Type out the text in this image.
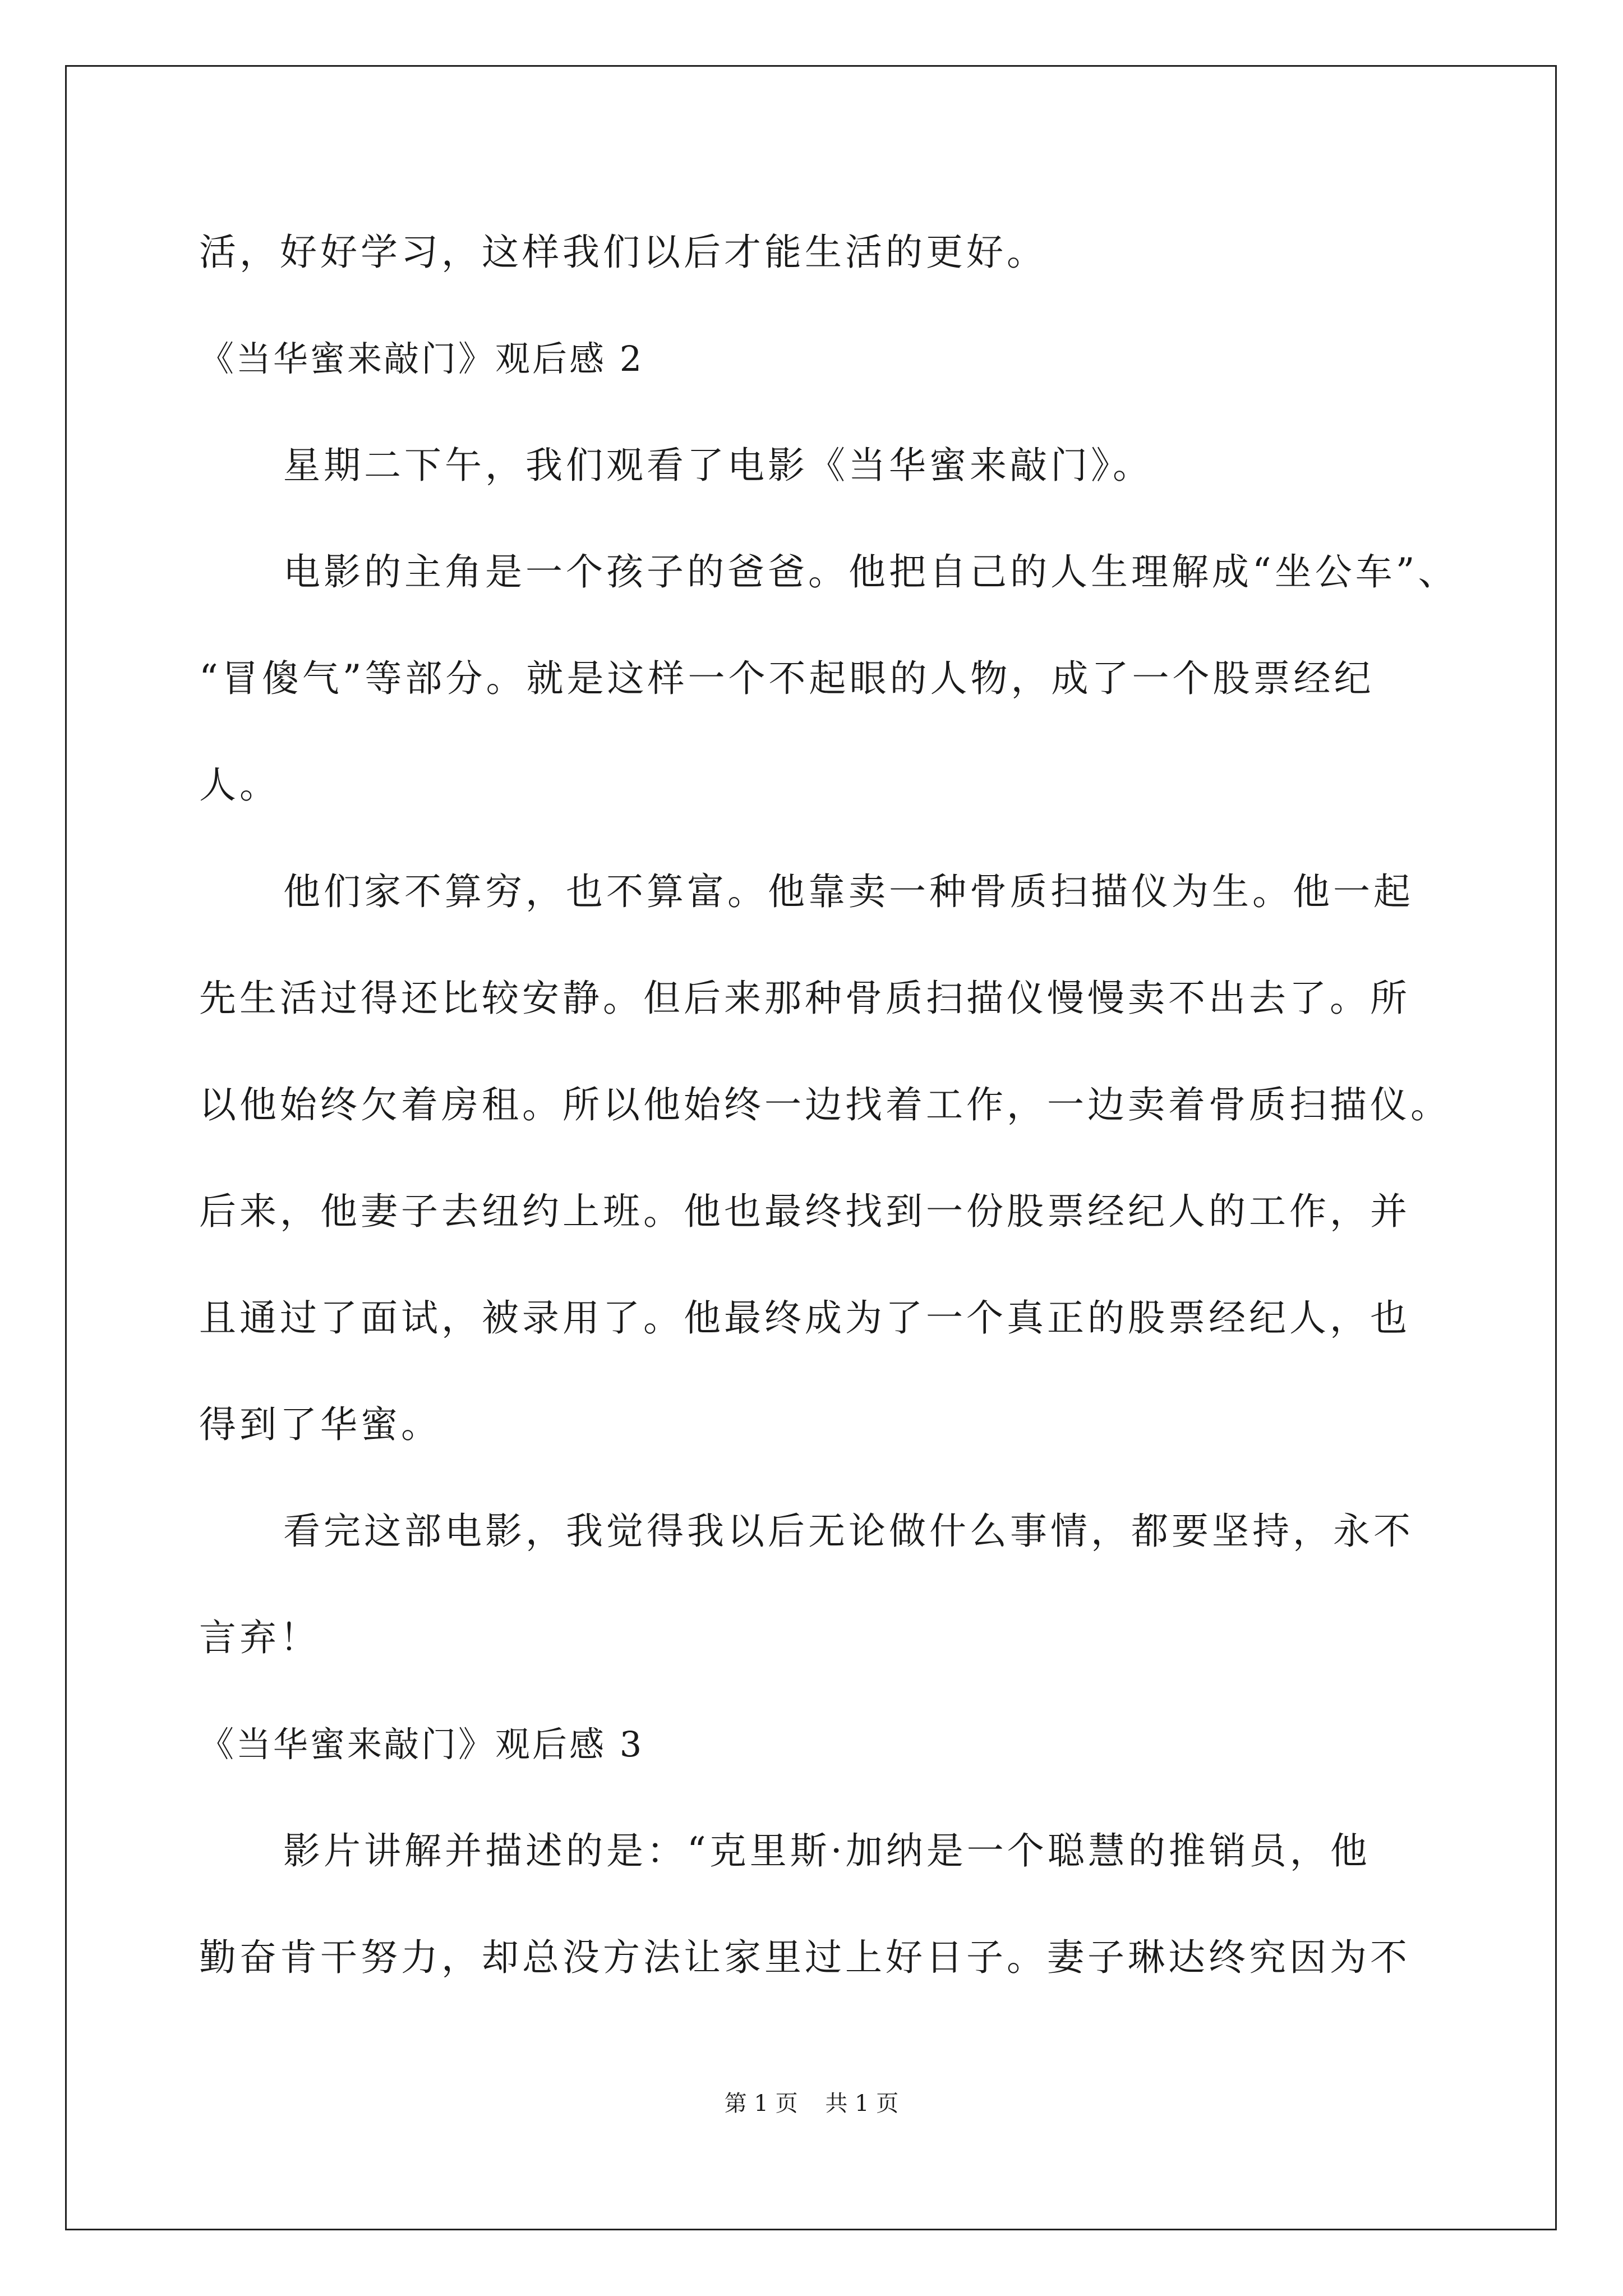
活，好好学习，这样我们以后才能生活的更好。

《当华蜜来敲门》观后感 2

星期二下午，我们观看了电影《当华蜜来敲门》。

电影的主角是一个孩子的爸爸。他把自己的人生理解成“坐公车”、

“冒傻气”等部分。就是这样一个不起眼的人物，成了一个股票经纪

人。

他们家不算穷，也不算富。他靠卖一种骨质扫描仪为生。他一起

先生活过得还比较安静。但后来那种骨质扫描仪慢慢卖不出去了。所

以他始终欠着房租。所以他始终一边找着工作，一边卖着骨质扫描仪。

后来，他妻子去纽约上班。他也最终找到一份股票经纪人的工作，并

且通过了面试，被录用了。他最终成为了一个真正的股票经纪人，也

得到了华蜜。

看完这部电影，我觉得我以后无论做什么事情，都要坚持，永不

言弃！

《当华蜜来敲门》观后感 3

影片讲解并描述的是：“克里斯·加纳是一个聪慧的推销员，他

勤奋肯干努力，却总没方法让家里过上好日子。妻子琳达终究因为不

第 1 页 共 1 页
